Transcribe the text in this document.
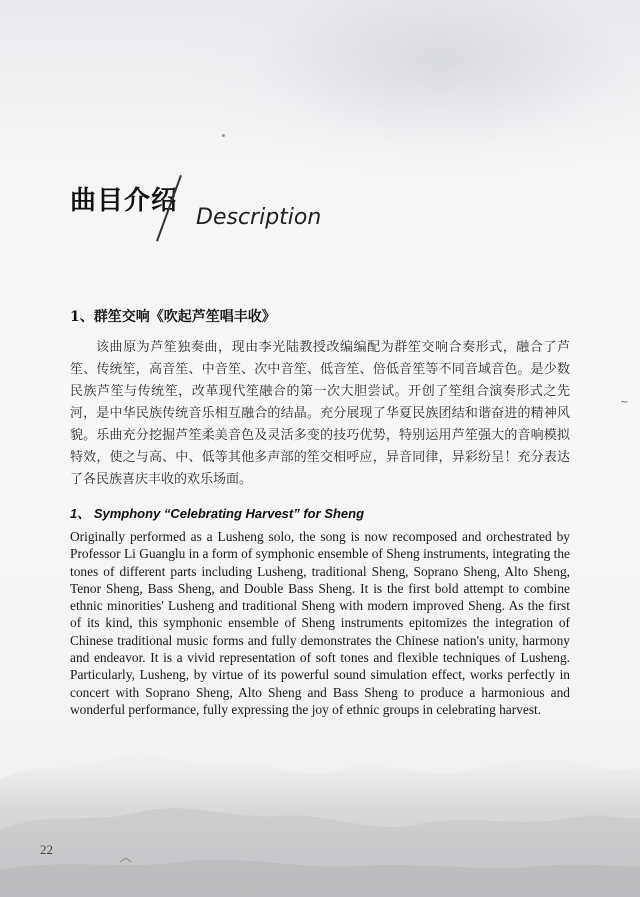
曲目介绍
Description
1、群笙交响《吹起芦笙唱丰收》

该曲原为芦笙独奏曲，现由李光陆教授改编编配为群笙交响合奏形式，融合了芦笙、传统笙，高音笙、中音笙、次中音笙、低音笙、倍低音笙等不同音域音色。是少数民族芦笙与传统笙，改革现代笙融合的第一次大胆尝试。开创了笙组合演奏形式之先河，是中华民族传统音乐相互融合的结晶。充分展现了华夏民族团结和谐奋进的精神风貌。乐曲充分挖掘芦笙柔美音色及灵活多变的技巧优势，特别运用芦笙强大的音响模拟特效，使之与高、中、低等其他多声部的笙交相呼应，异音同律，异彩纷呈！充分表达了各民族喜庆丰收的欢乐场面。

~
1、 Symphony “Celebrating Harvest” for Sheng

Originally performed as a Lusheng solo, the song is now recomposed and orchestrated by Professor Li Guanglu in a form of symphonic ensemble of Sheng instruments, integrating the tones of different parts including Lusheng, traditional Sheng, Soprano Sheng, Alto Sheng, Tenor Sheng, Bass Sheng, and Double Bass Sheng. It is the first bold attempt to combine ethnic minorities' Lusheng and traditional Sheng with modern improved Sheng. As the first of its kind, this symphonic ensemble of Sheng instruments epitomizes the integration of Chinese traditional music forms and fully demonstrates the Chinese nation's unity, harmony and endeavor. It is a vivid representation of soft tones and flexible techniques of Lusheng. Particularly, Lusheng, by virtue of its powerful sound simulation effect, works perfectly in concert with Soprano Sheng, Alto Sheng and Bass Sheng to produce a harmonious and wonderful performance, fully expressing the joy of ethnic groups in celebrating harvest.

22
